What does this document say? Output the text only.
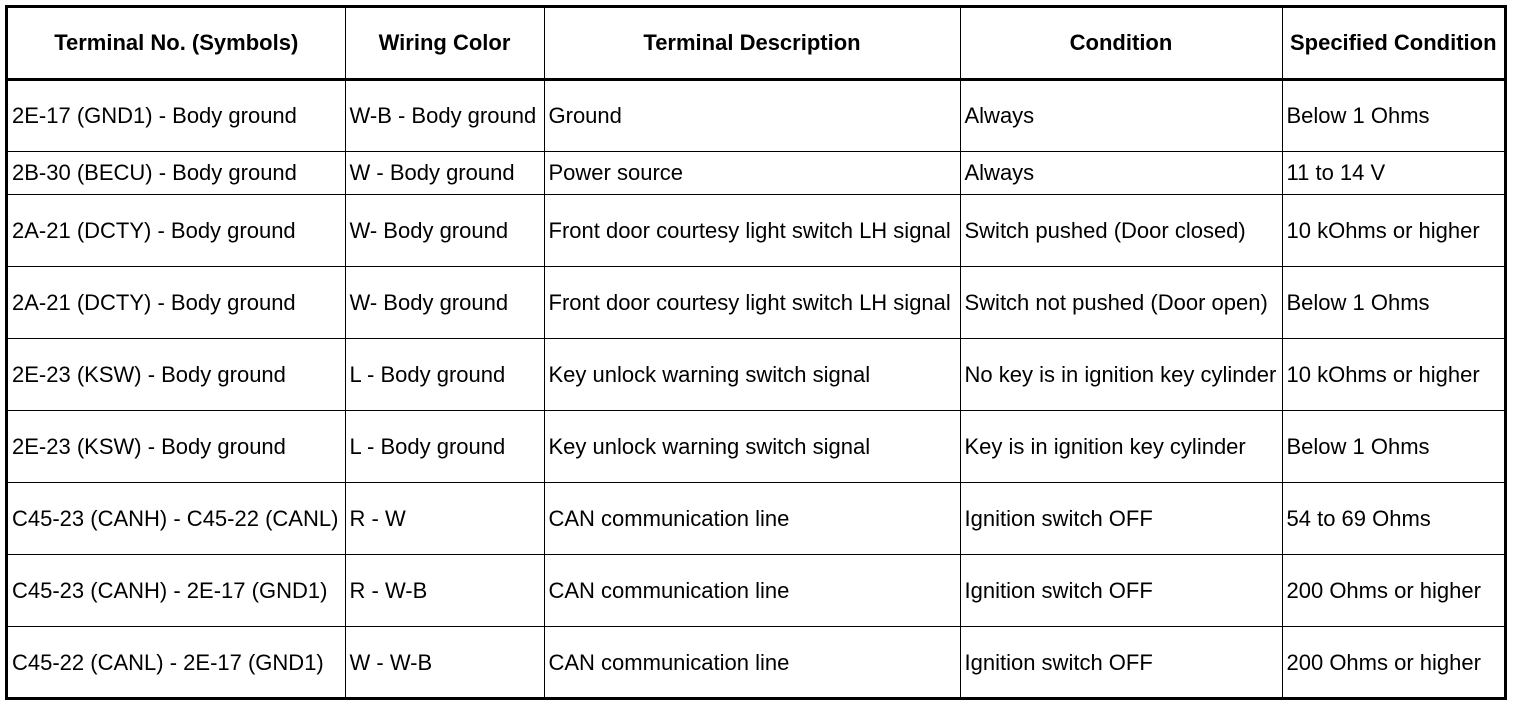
Terminal No. (Symbols)	Wiring Color	Terminal Description	Condition	Specified Condition
2E-17 (GND1) - Body ground	W-B - Body ground	Ground	Always	Below 1 Ohms
2B-30 (BECU) - Body ground	W - Body ground	Power source	Always	11 to 14 V
2A-21 (DCTY) - Body ground	W- Body ground	Front door courtesy light switch LH signal	Switch pushed (Door closed)	10 kOhms or higher
2A-21 (DCTY) - Body ground	W- Body ground	Front door courtesy light switch LH signal	Switch not pushed (Door open)	Below 1 Ohms
2E-23 (KSW) - Body ground	L - Body ground	Key unlock warning switch signal	No key is in ignition key cylinder	10 kOhms or higher
2E-23 (KSW) - Body ground	L - Body ground	Key unlock warning switch signal	Key is in ignition key cylinder	Below 1 Ohms
C45-23 (CANH) - C45-22 (CANL)	R - W	CAN communication line	Ignition switch OFF	54 to 69 Ohms
C45-23 (CANH) - 2E-17 (GND1)	R - W-B	CAN communication line	Ignition switch OFF	200 Ohms or higher
C45-22 (CANL) - 2E-17 (GND1)	W - W-B	CAN communication line	Ignition switch OFF	200 Ohms or higher
